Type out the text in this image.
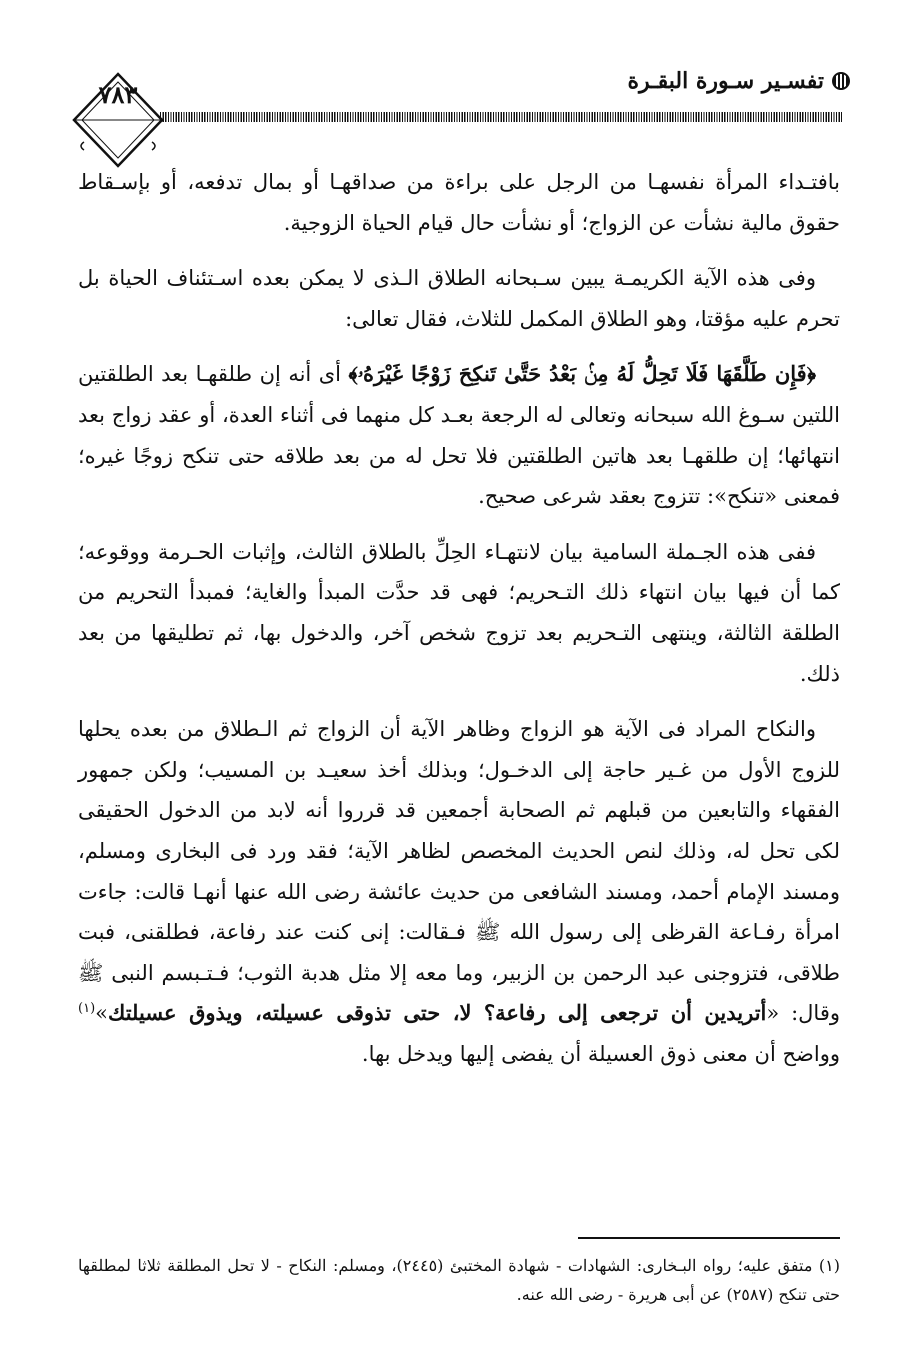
تفسـير سـورة البقـرة
٧٨٣

بافتـداء المرأة نفسهـا من الرجل على براءة من صداقهـا أو بمال تدفعه، أو بإسـقاط حقوق مالية نشأت عن الزواج؛ أو نشأت حال قيام الحياة الزوجية.

وفى هذه الآية الكريمـة يبين سـبحانه الطلاق الـذى لا يمكن بعده اسـتئناف الحياة بل تحرم عليه مؤقتا، وهو الطلاق المكمل للثلاث، فقال تعالى:

﴿فَإِن طَلَّقَهَا فَلَا تَحِلُّ لَهُ مِنۢ بَعْدُ حَتَّىٰ تَنكِحَ زَوْجًا غَيْرَهُۥ﴾ أى أنه إن طلقهـا بعد الطلقتين اللتين سـوغ الله سبحانه وتعالى له الرجعة بعـد كل منهما فى أثناء العدة، أو عقد زواج بعد انتهائها؛ إن طلقهـا بعد هاتين الطلقتين فلا تحل له من بعد طلاقه حتى تنكح زوجًا غيره؛ فمعنى «تنكح»: تتزوج بعقد شرعى صحيح.

ففى هذه الجـملة السامية بيان لانتهـاء الحِلِّ بالطلاق الثالث، وإثبات الحـرمة ووقوعه؛ كما أن فيها بيان انتهاء ذلك التـحريم؛ فهى قد حدَّت المبدأ والغاية؛ فمبدأ التحريم من الطلقة الثالثة، وينتهى التـحريم بعد تزوج شخص آخر، والدخول بها، ثم تطليقها من بعد ذلك.

والنكاح المراد فى الآية هو الزواج وظاهر الآية أن الزواج ثم الـطلاق من بعده يحلها للزوج الأول من غـير حاجة إلى الدخـول؛ وبذلك أخذ سعيـد بن المسيب؛ ولكن جمهور الفقهاء والتابعين من قبلهم ثم الصحابة أجمعين قد قرروا أنه لابد من الدخول الحقيقى لكى تحل له، وذلك لنص الحديث المخصص لظاهر الآية؛ فقد ورد فى البخارى ومسلم، ومسند الإمام أحمد، ومسند الشافعى من حديث عائشة رضى الله عنها أنهـا قالت: جاءت امرأة رفـاعة القرظى إلى رسول الله ﷺ فـقالت: إنى كنت عند رفاعة، فطلقنى، فبت طلاقى، فتزوجنى عبد الرحمن بن الزبير، وما معه إلا مثل هدبة الثوب؛ فـتـبسم النبى ﷺ وقال: «أتريدين أن ترجعى إلى رفاعة؟ لا، حتى تذوقى عسيلته، ويذوق عسيلتك»$^{(١)}$ وواضح أن معنى ذوق العسيلة أن يفضى إليها ويدخل بها.

(١) متفق عليه؛ رواه البـخارى: الشهادات - شهادة المختبئ (٢٤٤٥)، ومسلم: النكاح - لا تحل المطلقة ثلاثا لمطلقها حتى تنكح (٢٥٨٧) عن أبى هريرة - رضى الله عنه.
